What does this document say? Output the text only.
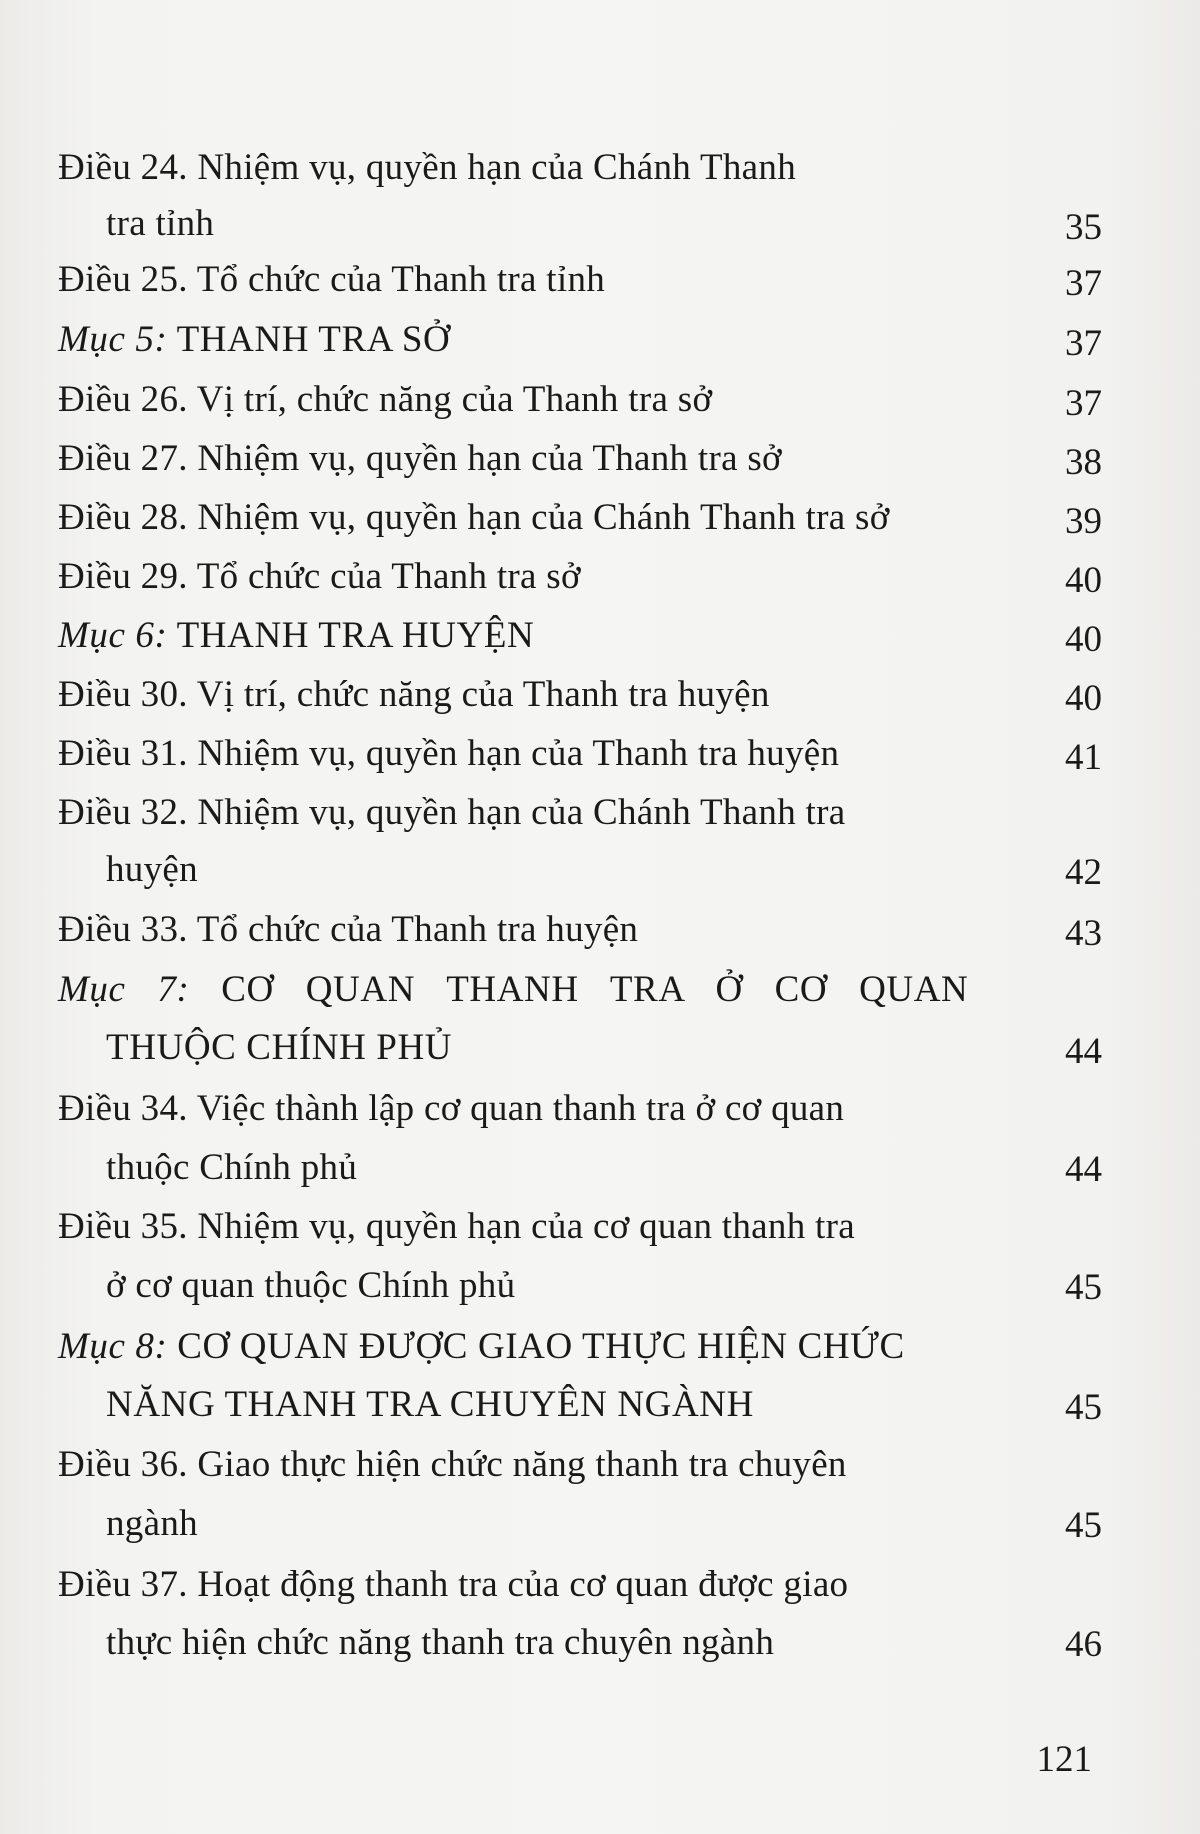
Điều 24. Nhiệm vụ, quyền hạn của Chánh Thanh
tra tỉnh	35
Điều 25. Tổ chức của Thanh tra tỉnh	37
Mục 5: THANH TRA SỞ	37
Điều 26. Vị trí, chức năng của Thanh tra sở	37
Điều 27. Nhiệm vụ, quyền hạn của Thanh tra sở	38
Điều 28. Nhiệm vụ, quyền hạn của Chánh Thanh tra sở	39
Điều 29. Tổ chức của Thanh tra sở	40
Mục 6: THANH TRA HUYỆN	40
Điều 30. Vị trí, chức năng của Thanh tra huyện	40
Điều 31. Nhiệm vụ, quyền hạn của Thanh tra huyện	41
Điều 32. Nhiệm vụ, quyền hạn của Chánh Thanh tra
huyện	42
Điều 33. Tổ chức của Thanh tra huyện	43
Mục 7: CƠ QUAN THANH TRA Ở CƠ QUAN
THUỘC CHÍNH PHỦ	44
Điều 34. Việc thành lập cơ quan thanh tra ở cơ quan
thuộc Chính phủ	44
Điều 35. Nhiệm vụ, quyền hạn của cơ quan thanh tra
ở cơ quan thuộc Chính phủ	45
Mục 8: CƠ QUAN ĐƯỢC GIAO THỰC HIỆN CHỨC
NĂNG THANH TRA CHUYÊN NGÀNH	45
Điều 36. Giao thực hiện chức năng thanh tra chuyên
ngành	45
Điều 37. Hoạt động thanh tra của cơ quan được giao
thực hiện chức năng thanh tra chuyên ngành	46
121
